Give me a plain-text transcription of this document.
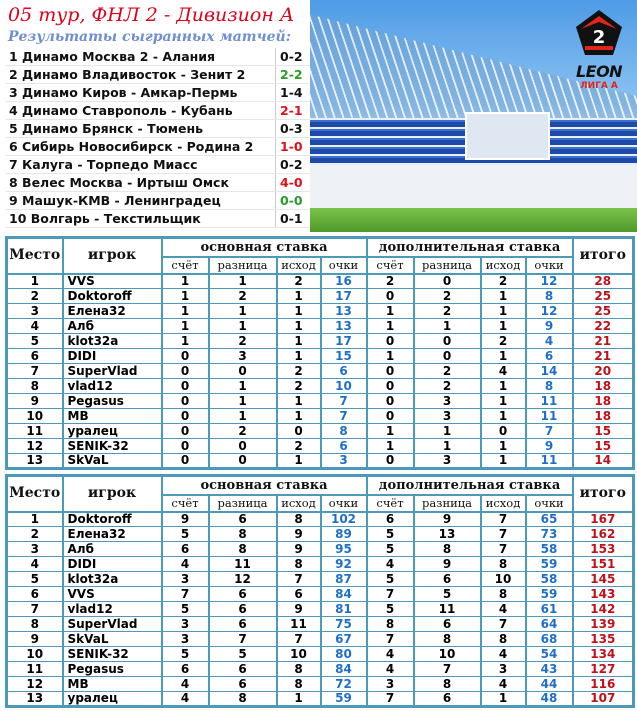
05 тур, ФНЛ 2 - Дивизион А
Результаты сыгранных матчей:
1 Динамо Москва 2 - Алания	0-2
2 Динамо Владивосток - Зенит 2	2-2
3 Динамо Киров - Амкар-Пермь	1-4
4 Динамо Ставрополь - Кубань	2-1
5 Динамо Брянск - Тюмень	0-3
6 Сибирь Новосибирск - Родина 2	1-0
7 Калуга - Торпедо Миасс	0-2
8 Велес Москва - Иртыш Омск	4-0
9 Машук-КМВ - Ленинградец	0-0
10 Волгарь - Текстильщик	0-1
2
LEON
ЛИГА А
Место	игрок	основная ставка				дополнительная ставка				итого
		счёт	разница	исход	очки	счёт	разница	исход	очки	
1	VVS	1	1	2	16	2	0	2	12	28
2	Doktoroff	1	2	1	17	0	2	1	8	25
3	Елена32	1	1	1	13	1	2	1	12	25
4	Алб	1	1	1	13	1	1	1	9	22
5	klot32a	1	2	1	17	0	0	2	4	21
6	DIDI	0	3	1	15	1	0	1	6	21
7	SuperVlad	0	0	2	6	0	2	4	14	20
8	vlad12	0	1	2	10	0	2	1	8	18
9	Pegasus	0	1	1	7	0	3	1	11	18
10	MB	0	1	1	7	0	3	1	11	18
11	уралец	0	2	0	8	1	1	0	7	15
12	SENIK-32	0	0	2	6	1	1	1	9	15
13	SkVaL	0	0	1	3	0	3	1	11	14
Место	игрок	основная ставка				дополнительная ставка				итого
		счёт	разница	исход	очки	счёт	разница	исход	очки	
1	Doktoroff	9	6	8	102	6	9	7	65	167
2	Елена32	5	8	9	89	5	13	7	73	162
3	Алб	6	8	9	95	5	8	7	58	153
4	DIDI	4	11	8	92	4	9	8	59	151
5	klot32a	3	12	7	87	5	6	10	58	145
6	VVS	7	6	6	84	7	5	8	59	143
7	vlad12	5	6	9	81	5	11	4	61	142
8	SuperVlad	3	6	11	75	8	6	7	64	139
9	SkVaL	3	7	7	67	7	8	8	68	135
10	SENIK-32	5	5	10	80	4	10	4	54	134
11	Pegasus	6	6	8	84	4	7	3	43	127
12	MB	4	6	8	72	3	8	4	44	116
13	уралец	4	8	1	59	7	6	1	48	107
